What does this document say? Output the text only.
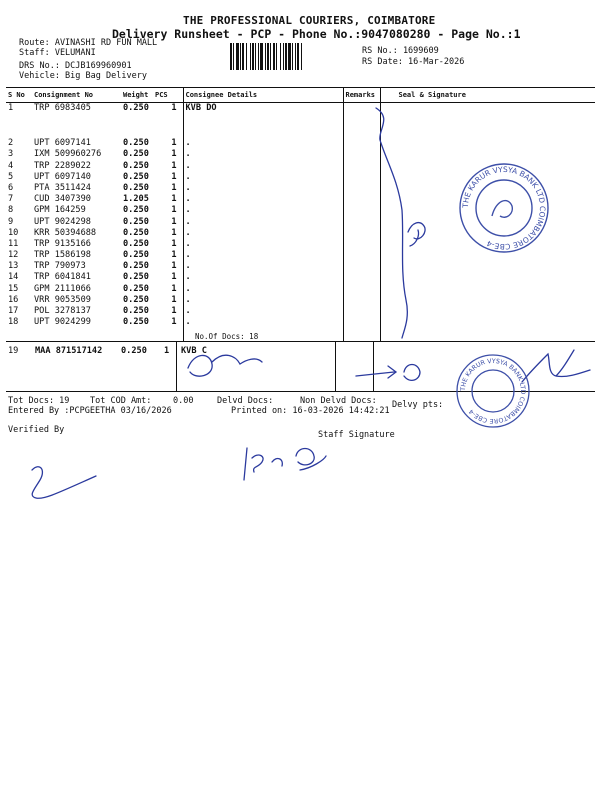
THE PROFESSIONAL COURIERS, COIMBATORE
Delivery Runsheet - PCP - Phone No.:9047080280 - Page No.:1
Route: AVINASHI RD FUN MALL
Staff: VELUMANI
DRS No.: DCJB169960901
Vehicle: Big Bag Delivery
RS No.: 1699609
RS Date: 16-Mar-2026
S No	Consignment No	Weight	PCS	Consignee Details	Remarks	Seal & Signature
1	TRP 6983405	0.250	1	KVB DO		

2	UPT 6097141	0.250	1	.		
3	IXM 509960276	0.250	1	.		
4	TRP 2289022	0.250	1	.		
5	UPT 6097140	0.250	1	.		
6	PTA 3511424	0.250	1	.		
7	CUD 3407390	1.205	1	.		
8	GPM 164259	0.250	1	.		
9	UPT 9024298	0.250	1	.		
10	KRR 50394688	0.250	1	.		
11	TRP 9135166	0.250	1	.		
12	TRP 1586198	0.250	1	.		
13	TRP 790973	0.250	1	.		
14	TRP 6041841	0.250	1	.		
15	GPM 2111066	0.250	1	.		
16	VRR 9053509	0.250	1	.		
17	POL 3278137	0.250	1	.		
18	UPT 9024299	0.250	1	.		

No.Of Docs: 18
19 MAA 871517142 0.250 1 KVB C
Tot Docs: 19 Tot COD Amt:	0.00	Delvd Docs:	Non Delvd Docs: Delvy pts:
Entered By :PCPGEETHA 03/16/2026	Printed on: 16-03-2026 14:42:21
Verified By	Staff Signature
THE KARUR VYSYA BANK LTD COIMBATORE CBE-4
THE KARUR VYSYA BANK LTD COIMBATORE CBE-4
